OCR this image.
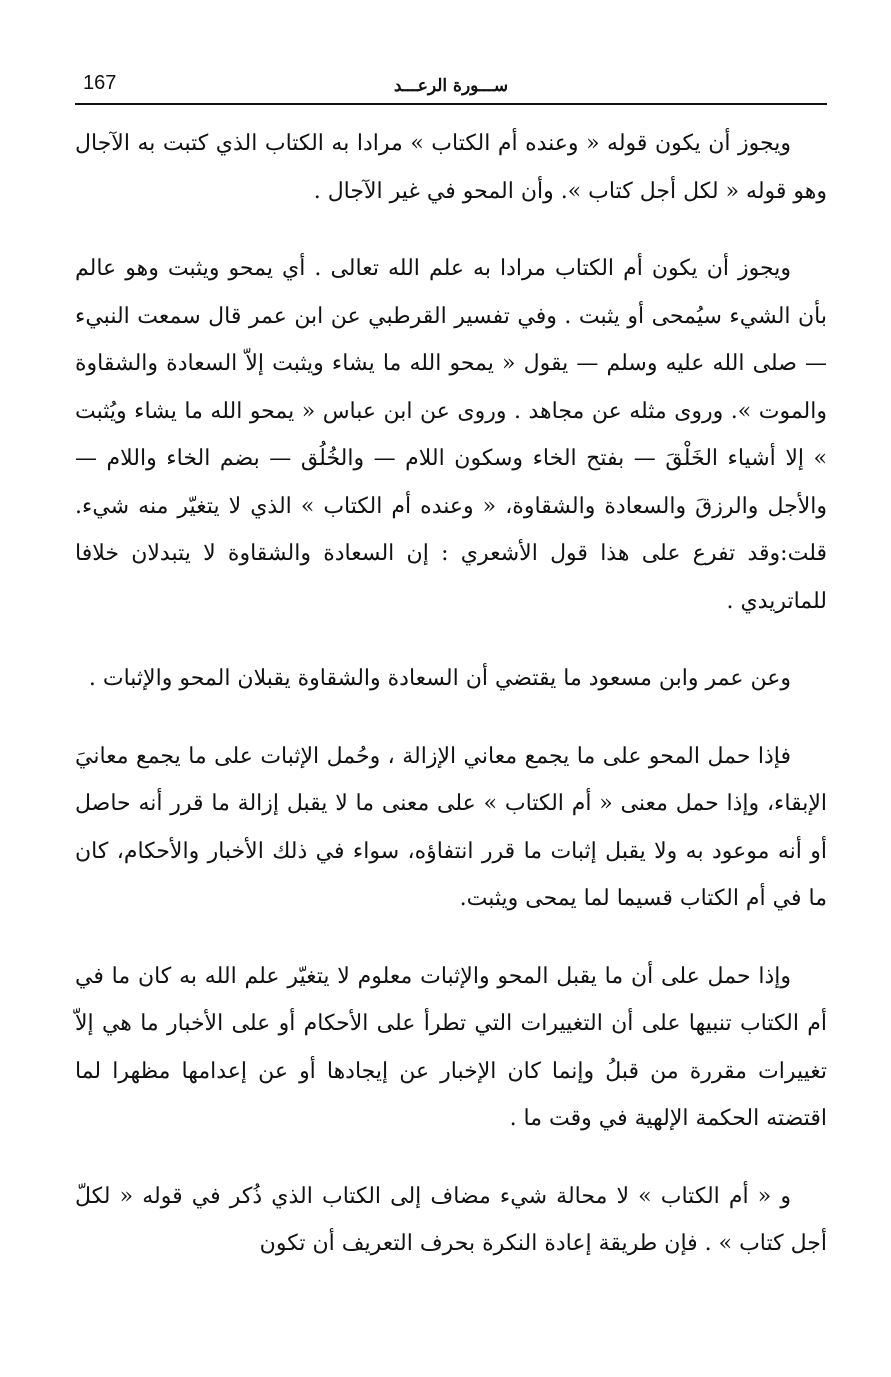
167	ســـورة الرعـــد

ويجوز أن يكون قوله « وعنده أم الكتاب » مرادا به الكتاب الذي كتبت به الآجال وهو قوله « لكل أجل كتاب ». وأن المحو في غير الآجال .

ويجوز أن يكون أم الكتاب مرادا به علم الله تعالى . أي يمحو ويثبت وهو عالم بأن الشيء سيُمحى أو يثبت . وفي تفسير القرطبي عن ابن عمر قال سمعت النبيء — صلى الله عليه وسلم — يقول « يمحو الله ما يشاء ويثبت إلاّ السعادة والشقاوة والموت ». وروى مثله عن مجاهد . وروى عن ابن عباس « يمحو الله ما يشاء ويُثبت » إلا أشياء الخَلْقَ — بفتح الخاء وسكون اللام — والخُلُق — بضم الخاء واللام — والأجل والرزقَ والسعادة والشقاوة، « وعنده أم الكتاب » الذي لا يتغيّر منه شيء. قلت:وقد تفرع على هذا قول الأشعري : إن السعادة والشقاوة لا يتبدلان خلافا للماتريدي .

وعن عمر وابن مسعود ما يقتضي أن السعادة والشقاوة يقبلان المحو والإثبات .

فإذا حمل المحو على ما يجمع معاني الإزالة ، وحُمل الإثبات على ما يجمع معانيَ الإبقاء، وإذا حمل معنى « أم الكتاب » على معنى ما لا يقبل إزالة ما قرر أنه حاصل أو أنه موعود به ولا يقبل إثبات ما قرر انتفاؤه، سواء في ذلك الأخبار والأحكام، كان ما في أم الكتاب قسيما لما يمحى ويثبت.

وإذا حمل على أن ما يقبل المحو والإثبات معلوم لا يتغيّر علم الله به كان ما في أم الكتاب تنبيها على أن التغييرات التي تطرأ على الأحكام أو على الأخبار ما هي إلاّ تغييرات مقررة من قبلُ وإنما كان الإخبار عن إيجادها أو عن إعدامها مظهرا لما اقتضته الحكمة الإلهية في وقت ما .

و « أم الكتاب » لا محالة شيء مضاف إلى الكتاب الذي ذُكر في قوله « لكلّ أجل كتاب » . فإن طريقة إعادة النكرة بحرف التعريف أن تكون
